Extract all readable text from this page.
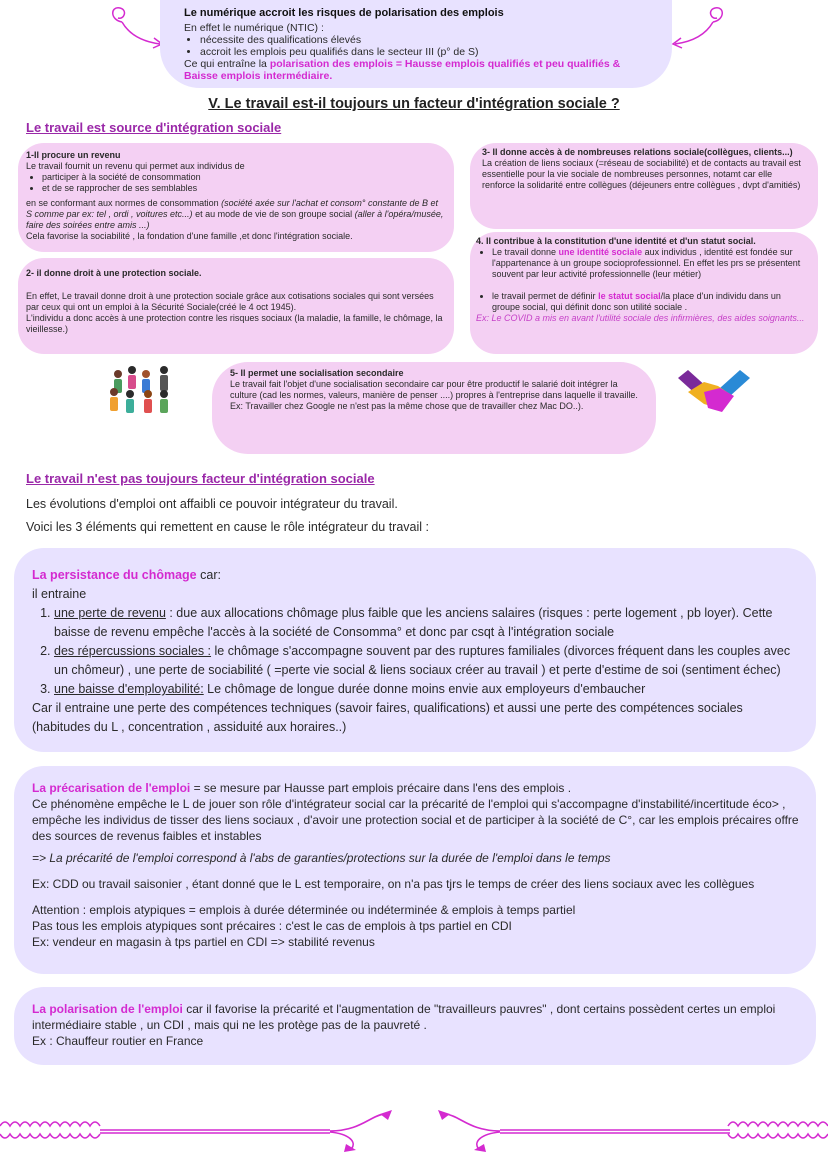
Le numérique accroit les risques de polarisation des emplois
En effet le numérique (NTIC) :
• nécessite des qualifications élevés
• accroit les emplois peu qualifiés dans le secteur III (p° de S)
Ce qui entraîne la polarisation des emplois = Hausse emplois qualifiés et peu qualifiés & Baisse emplois intermédiaire.
V. Le travail est-il toujours un facteur d'intégration sociale ?
Le travail est source d'intégration sociale
1-Il procure un revenu
Le travail fournit un revenu qui permet aux individus de
• participer à la société de consommation
• et de se rapprocher de ses semblables
en se conformant aux normes de consommation (société axée sur l'achat et consom° constante de B et S comme par ex: tel , ordi , voitures etc...) et au mode de vie de son groupe social (aller à l'opéra/musée, faire des soirées entre amis ...)
Cela favorise la sociabilité , la fondation d'une famille ,et donc l'intégration sociale.
2- il donne droit à une protection sociale.
En effet, Le travail donne droit à une protection sociale grâce aux cotisations sociales qui sont versées par ceux qui ont un emploi à la Sécurité Sociale(créé le 4 oct 1945).
L'individu a donc accès à une protection contre les risques sociaux (la maladie, la famille, le chômage, la vieillesse.)
3- Il donne accès à de nombreuses relations sociale(collègues, clients...)
La création de liens sociaux (=réseau de sociabilité) et de contacts au travail est essentielle pour la vie sociale de nombreuses personnes, notamt car elle renforce la solidarité entre collègues (déjeuners entre collègues , dvpt d'amitiés)
4. Il contribue à la constitution d'une identité et d'un statut social.
• Le travail donne une identité sociale aux individus , identité est fondée sur l'appartenance à un groupe socioprofessionnel. En effet les prs se présentent souvent par leur activité professionnelle (leur métier)
• le travail permet de définir le statut social/la place d'un individu dans un groupe social, qui définit donc son utilité sociale .
Ex: Le COVID a mis en avant l'utilité sociale des infirmières, des aides soignants...
5- Il permet une socialisation secondaire
Le travail fait l'objet d'une socialisation secondaire car pour être productif le salarié doit intégrer la culture (cad les normes, valeurs, manière de penser ....) propres à l'entreprise dans laquelle il travaille.
Ex: Travailler chez Google ne n'est pas la même chose que de travailler chez Mac DO..).
Le travail n'est pas toujours facteur d'intégration sociale
Les évolutions d'emploi ont affaibli ce pouvoir intégrateur du travail.
Voici les 3 éléments qui remettent en cause le rôle intégrateur du travail :
La persistance du chômage car:
il entraine
1. une perte de revenu : due aux allocations chômage plus faible que les anciens salaires (risques : perte logement , pb loyer). Cette baisse de revenu empêche l'accès à la société de Consomma° et donc par csqt à l'intégration sociale
2. des répercussions sociales : le chômage s'accompagne souvent par des ruptures familiales (divorces fréquent dans les couples avec un chômeur) , une perte de sociabilité ( =perte vie social & liens sociaux créer au travail ) et perte d'estime de soi (sentiment échec)
3. une baisse d'employabilité: Le chômage de longue durée donne moins envie aux employeurs d'embaucher
Car il entraine une perte des compétences techniques (savoir faires, qualifications) et aussi une perte des compétences sociales (habitudes du L , concentration , assiduité aux horaires..)
La précarisation de l'emploi = se mesure par Hausse part emplois précaire dans l'ens des emplois .
Ce phénomène empêche le L de jouer son rôle d'intégrateur social car la précarité de l'emploi qui s'accompagne d'instabilité/incertitude éco> , empêche les individus de tisser des liens sociaux , d'avoir une protection social et de participer à la société de C°, car les emplois précaires offre des sources de revenus faibles et instables
=> La précarité de l'emploi correspond à l'abs de garanties/protections sur la durée de l'emploi dans le temps
Ex: CDD ou travail saisonier , étant donné que le L est temporaire, on n'a pas tjrs le temps de créer des liens sociaux avec les collègues
Attention : emplois atypiques = emplois à durée déterminée ou indéterminée & emplois à temps partiel
Pas tous les emplois atypiques sont précaires : c'est le cas de emplois à tps partiel en CDI
Ex: vendeur en magasin à tps partiel en CDI => stabilité revenus
La polarisation de l'emploi car il favorise la précarité et l'augmentation de "travailleurs pauvres" , dont certains possèdent certes un emploi intermédiaire stable , un CDI , mais qui ne les protège pas de la pauvreté .
Ex : Chauffeur routier en France
